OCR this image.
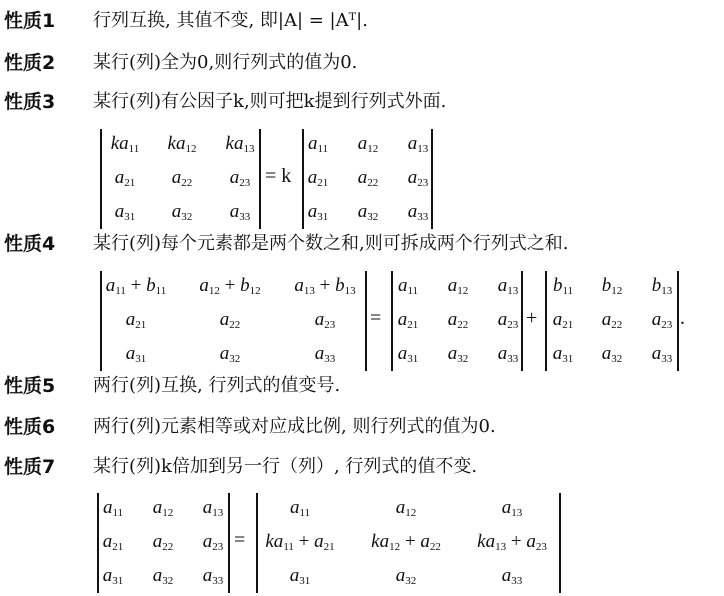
性质1 行列互换, 其值不变, 即|A| = |Aᵀ|.
性质2 某行(列)全为0,则行列式的值为0.
性质3 某行(列)有公因子k,则可把k提到行列式外面.
性质4 某行(列)每个元素都是两个数之和,则可拆成两个行列式之和.
性质5 两行(列)互换, 行列式的值变号.
性质6 两行(列)元素相等或对应成比例, 则行列式的值为0.
性质7 某行(列)k倍加到另一行（列）, 行列式的值不变.
$ka_{11}$ $ka_{12}$ $ka_{13}$
$a_{21}$ $a_{22}$ $a_{23}$
$a_{31}$ $a_{32}$ $a_{33}$
= k
$a_{11}$ $a_{12}$ $a_{13}$
$a_{21}$ $a_{22}$ $a_{23}$
$a_{31}$ $a_{32}$ $a_{33}$
$a_{11} + b_{11}$ $a_{12} + b_{12}$ $a_{13} + b_{13}$
$a_{21}$	$a_{22}$	$a_{23}$
$a_{31}$	$a_{32}$	$a_{33}$
=
$a_{11}$ $a_{12}$ $a_{13}$
$a_{21}$ $a_{22}$ $a_{23}$
$a_{31}$ $a_{32}$ $a_{33}$
+
$b_{11}$ $b_{12}$ $b_{13}$
$a_{21}$ $a_{22}$ $a_{23}$
$a_{31}$ $a_{32}$ $a_{33}$
.
$a_{11}$ $a_{12}$ $a_{13}$
$a_{21}$ $a_{22}$ $a_{23}$
$a_{31}$ $a_{32}$ $a_{33}$
=
$a_{11}$	$a_{12}$	$a_{13}$
$ka_{11} + a_{21}$ $ka_{12} + a_{22}$ $ka_{13} + a_{23}$
$a_{31}$	$a_{32}$	$a_{33}$
